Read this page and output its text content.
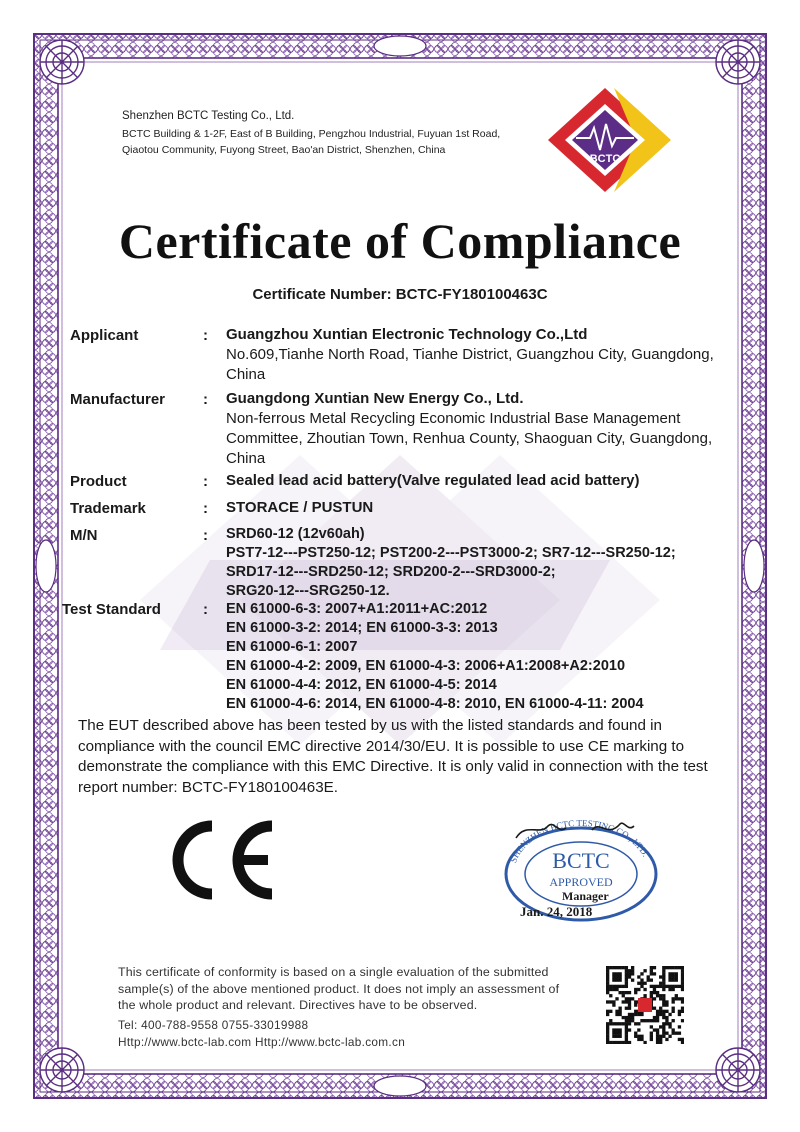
Shenzhen BCTC Testing Co., Ltd.
BCTC Building & 1-2F, East of B Building, Pengzhou Industrial, Fuyuan 1st Road,
Qiaotou Community, Fuyong Street, Bao'an District, Shenzhen, China
BCTC
Certificate of Compliance
Certificate Number: BCTC-FY180100463C
Applicant	: Guangzhou Xuntian Electronic Technology Co.,Ltd
No.609,Tianhe North Road, Tianhe District, Guangzhou City, Guangdong,
China
Manufacturer	: Guangdong Xuntian New Energy Co., Ltd.
Non-ferrous Metal Recycling Economic Industrial Base Management
Committee, Zhoutian Town, Renhua County, Shaoguan City, Guangdong,
China
Product	: Sealed lead acid battery(Valve regulated lead acid battery)
Trademark	: STORACE / PUSTUN
M/N	: SRD60-12 (12v60ah)
PST7-12---PST250-12; PST200-2---PST3000-2; SR7-12---SR250-12;
SRD17-12---SRD250-12; SRD200-2---SRD3000-2;
SRG20-12---SRG250-12.
Test Standard	: EN 61000-6-3: 2007+A1:2011+AC:2012
EN 61000-3-2: 2014; EN 61000-3-3: 2013
EN 61000-6-1: 2007
EN 61000-4-2: 2009, EN 61000-4-3: 2006+A1:2008+A2:2010
EN 61000-4-4: 2012, EN 61000-4-5: 2014
EN 61000-4-6: 2014, EN 61000-4-8: 2010, EN 61000-4-11: 2004
The EUT described above has been tested by us with the listed standards and found in
compliance with the council EMC directive 2014/30/EU. It is possible to use CE marking to
demonstrate the compliance with this EMC Directive. It is only valid in connection with the test
report number: BCTC-FY180100463E.
SHENZHEN BCTC TESTING CO., LTD.
BCTC
APPROVED
Manager
Jan. 24, 2018
This certificate of conformity is based on a single evaluation of the submitted
sample(s) of the above mentioned product. It does not imply an assessment of
the whole product and relevant. Directives have to be observed.
Tel: 400-788-9558 0755-33019988
Http://www.bctc-lab.com Http://www.bctc-lab.com.cn
